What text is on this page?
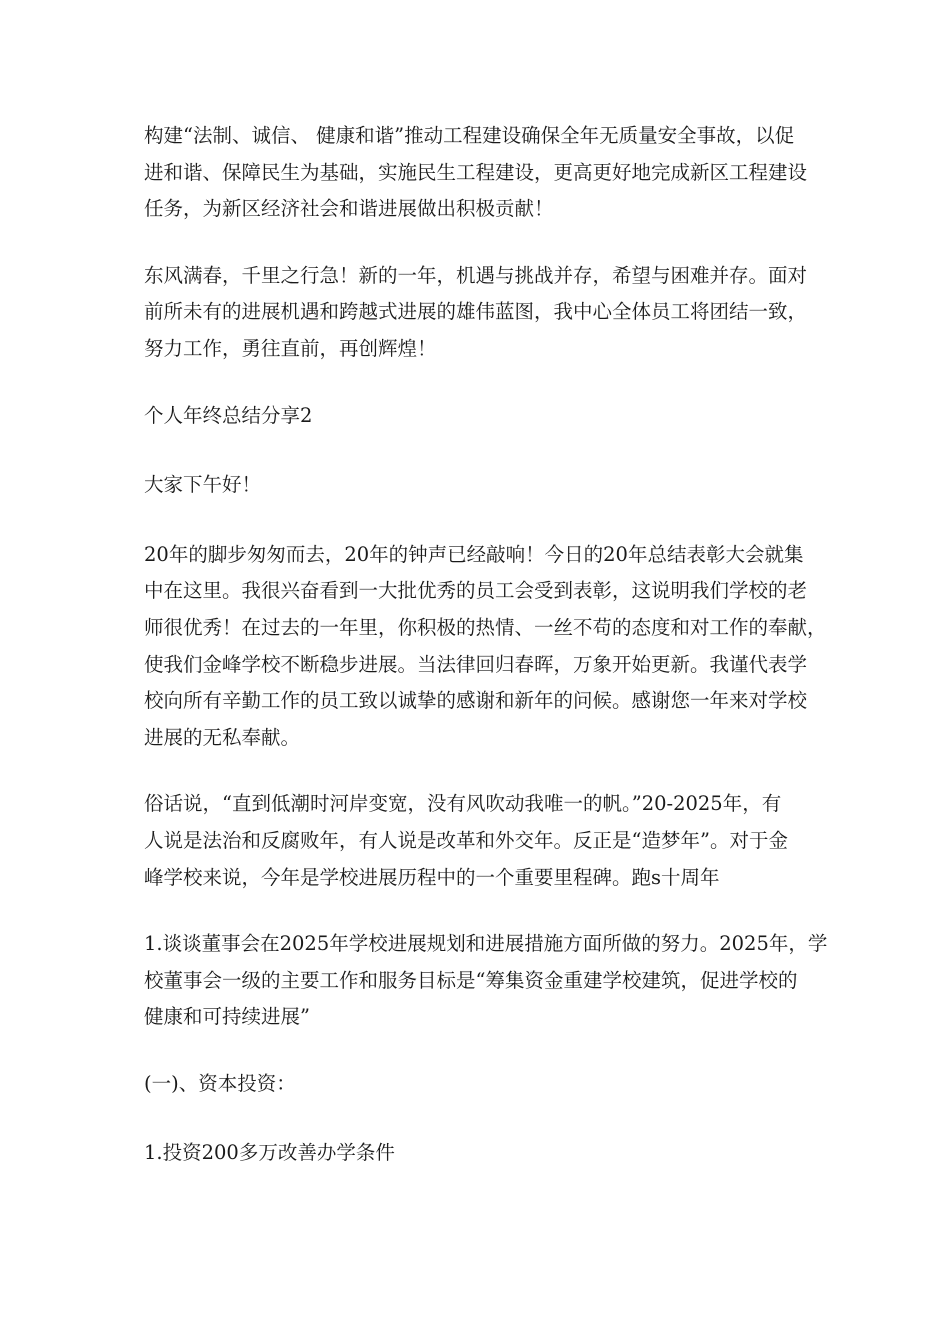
构建“法制、诚信、 健康和谐”推动工程建设确保全年无质量安全事故，以促
进和谐、保障民生为基础，实施民生工程建设，更高更好地完成新区工程建设
任务，为新区经济社会和谐进展做出积极贡献！

东风满春，千里之行急！新的一年，机遇与挑战并存，希望与困难并存。面对
前所未有的进展机遇和跨越式进展的雄伟蓝图，我中心全体员工将团结一致，
努力工作，勇往直前，再创辉煌！

个人年终总结分享2

大家下午好！

20年的脚步匆匆而去，20年的钟声已经敲响！今日的20年总结表彰大会就集
中在这里。我很兴奋看到一大批优秀的员工会受到表彰，这说明我们学校的老
师很优秀！在过去的一年里，你积极的热情、一丝不苟的态度和对工作的奉献，
使我们金峰学校不断稳步进展。当法律回归春晖，万象开始更新。我谨代表学
校向所有辛勤工作的员工致以诚挚的感谢和新年的问候。感谢您一年来对学校
进展的无私奉献。

俗话说，“直到低潮时河岸变宽，没有风吹动我唯一的帆。”20-2025年，有
人说是法治和反腐败年，有人说是改革和外交年。反正是“造梦年”。对于金
峰学校来说，今年是学校进展历程中的一个重要里程碑。跑s十周年

1.谈谈董事会在2025年学校进展规划和进展措施方面所做的努力。2025年，学
校董事会一级的主要工作和服务目标是“筹集资金重建学校建筑，促进学校的
健康和可持续进展”

(一)、资本投资：

1.投资200多万改善办学条件
